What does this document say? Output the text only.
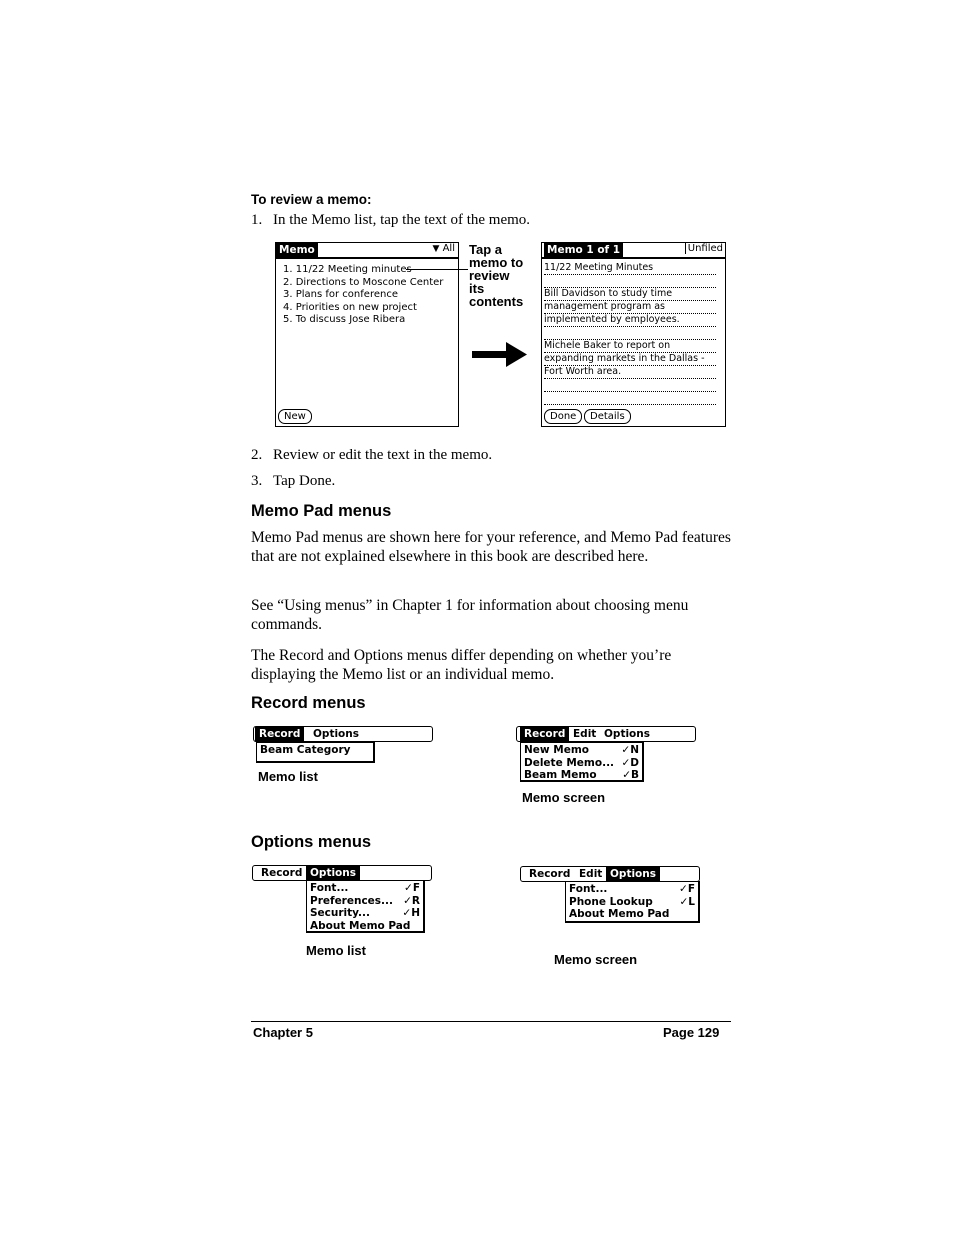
To review a memo:
1. In the Memo list, tap the text of the memo.
Memo	▼ All
1. 11/22 Meeting minutes
2. Directions to Moscone Center
3. Plans for conference
4. Priorities on new project
5. To discuss Jose Ribera
New
Tap a
memo to
review
its
contents
Memo 1 of 1	Unfiled
11/22 Meeting Minutes
Bill Davidson to study time
management program as
implemented by employees.
Michele Baker to report on
expanding markets in the Dallas -
Fort Worth area.
Done	Details
2. Review or edit the text in the memo.
3. Tap Done.
Memo Pad menus
Memo Pad menus are shown here for your reference, and Memo Pad features that are not explained elsewhere in this book are described here.
See “Using menus” in Chapter 1 for information about choosing menu commands.
The Record and Options menus differ depending on whether you’re displaying the Memo list or an individual memo.
Record menus
Record	Options
Beam Category
Memo list
Record Edit Options
New Memo	✓N
Delete Memo... ✓D
Beam Memo ✓B
Memo screen
Options menus
Record Options
Font...	✓F
Preferences... ✓R
Security...	✓H
About Memo Pad
Memo list
Record Edit Options
Font...	✓F
Phone Lookup	✓L
About Memo Pad
Memo screen
Chapter 5	Page 129
